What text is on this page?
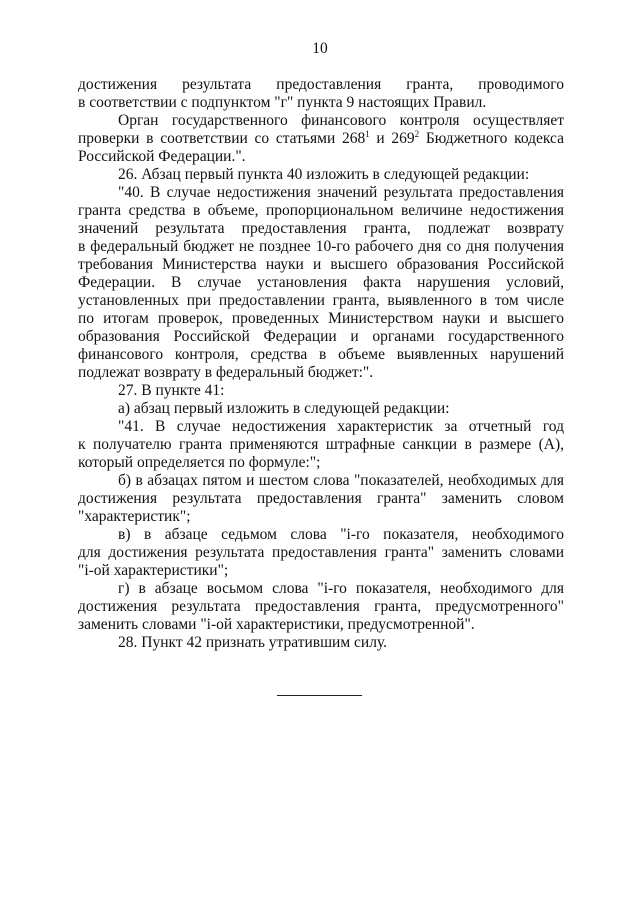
10
достижения результата предоставления гранта, проводимого
в соответствии с подпунктом "г" пункта 9 настоящих Правил.
Орган государственного финансового контроля осуществляет
проверки в соответствии со статьями $268^1$ и $269^2$ Бюджетного кодекса
Российской Федерации.".
26. Абзац первый пункта 40 изложить в следующей редакции:
"40. В случае недостижения значений результата предоставления
гранта средства в объеме, пропорциональном величине недостижения
значений результата предоставления гранта, подлежат возврату
в федеральный бюджет не позднее 10-го рабочего дня со дня получения
требования Министерства науки и высшего образования Российской
Федерации. В случае установления факта нарушения условий,
установленных при предоставлении гранта, выявленного в том числе
по итогам проверок, проведенных Министерством науки и высшего
образования Российской Федерации и органами государственного
финансового контроля, средства в объеме выявленных нарушений
подлежат возврату в федеральный бюджет:".
27. В пункте 41:
а) абзац первый изложить в следующей редакции:
"41. В случае недостижения характеристик за отчетный год
к получателю гранта применяются штрафные санкции в размере (А),
который определяется по формуле:";
б) в абзацах пятом и шестом слова "показателей, необходимых для
достижения результата предоставления гранта" заменить словом
"характеристик";
в) в абзаце седьмом слова "i-го показателя, необходимого
для достижения результата предоставления гранта" заменить словами
"i-ой характеристики";
г) в абзаце восьмом слова "i-го показателя, необходимого для
достижения результата предоставления гранта, предусмотренного"
заменить словами "i-ой характеристики, предусмотренной".
28. Пункт 42 признать утратившим силу.
